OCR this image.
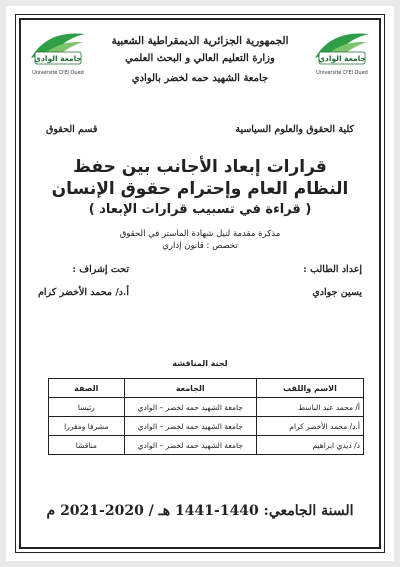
جامعة الوادي
Université D'El Oued
جامعة الوادي
Université D'El Oued
الجمهورية الجزائرية الديمقراطية الشعبية
وزارة التعليم العالي و البحث العلمي
جامعة الشهيد حمه لخضر بالوادي
كلية الحقوق والعلوم السياسية
قسم الحقوق
قرارات إبعاد الأجانب بين حفظ
النظام العام وإحترام حقوق الإنسان
( قراءة في تسبيب قرارات الإبعاد )
مذكرة مقدمة لنيل شهادة الماستر في الحقوق
تخصص : قانون إداري
إعداد الطالب :
يسين جوادي
تحت إشراف :
أ.د/ محمد الأخضر كرام
لجنة المناقشة
الاسم واللقب	الجامعة	الصفة
أ/ محمد عبد الباسط	جامعة الشهيد حمه لخضر – الوادي	رئيسا
أ.د/ محمد الأخضر كرام	جامعة الشهيد حمه لخضر – الوادي	مشرفا ومقررا
د/ ديدي ابراهيم	جامعة الشهيد حمه لخضر – الوادي	مناقشا
السنة الجامعي: 1440-1441 هـ / 2020-2021 م
